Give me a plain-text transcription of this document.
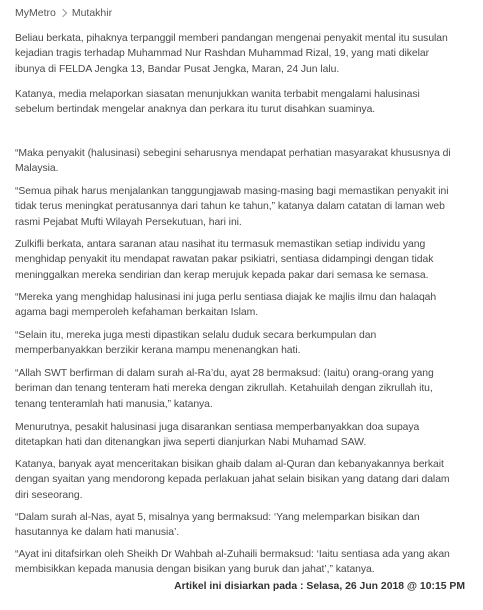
MyMetro Mutakhir

Beliau berkata, pihaknya terpanggil memberi pandangan mengenai penyakit mental itu susulan

kejadian tragis terhadap Muhammad Nur Rashdan Muhammad Rizal, 19, yang mati dikelar

ibunya di FELDA Jengka 13, Bandar Pusat Jengka, Maran, 24 Jun lalu.

Katanya, media melaporkan siasatan menunjukkan wanita terbabit mengalami halusinasi

sebelum bertindak mengelar anaknya dan perkara itu turut disahkan suaminya.

“Maka penyakit (halusinasi) sebegini seharusnya mendapat perhatian masyarakat khususnya di

Malaysia.

“Semua pihak harus menjalankan tanggungjawab masing-masing bagi memastikan penyakit ini

tidak terus meningkat peratusannya dari tahun ke tahun,” katanya dalam catatan di laman web

rasmi Pejabat Mufti Wilayah Persekutuan, hari ini.

Zulkifli berkata, antara saranan atau nasihat itu termasuk memastikan setiap individu yang

menghidap penyakit itu mendapat rawatan pakar psikiatri, sentiasa didampingi dengan tidak

meninggalkan mereka sendirian dan kerap merujuk kepada pakar dari semasa ke semasa.

“Mereka yang menghidap halusinasi ini juga perlu sentiasa diajak ke majlis ilmu dan halaqah

agama bagi memperoleh kefahaman berkaitan Islam.

“Selain itu, mereka juga mesti dipastikan selalu duduk secara berkumpulan dan

memperbanyakkan berzikir kerana mampu menenangkan hati.

“Allah SWT berfirman di dalam surah al-Ra’du, ayat 28 bermaksud: (Iaitu) orang-orang yang

beriman dan tenang tenteram hati mereka dengan zikrullah. Ketahuilah dengan zikrullah itu,

tenang tenteramlah hati manusia,” katanya.

Menurutnya, pesakit halusinasi juga disarankan sentiasa memperbanyakkan doa supaya

ditetapkan hati dan ditenangkan jiwa seperti dianjurkan Nabi Muhamad SAW.

Katanya, banyak ayat menceritakan bisikan ghaib dalam al-Quran dan kebanyakannya berkait

dengan syaitan yang mendorong kepada perlakuan jahat selain bisikan yang datang dari dalam

diri seseorang.

“Dalam surah al-Nas, ayat 5, misalnya yang bermaksud: ‘Yang melemparkan bisikan dan

hasutannya ke dalam hati manusia’.

“Ayat ini ditafsirkan oleh Sheikh Dr Wahbah al-Zuhaili bermaksud: ‘Iaitu sentiasa ada yang akan

membisikkan kepada manusia dengan bisikan yang buruk dan jahat’,” katanya.

Artikel ini disiarkan pada : Selasa, 26 Jun 2018 @ 10:15 PM
